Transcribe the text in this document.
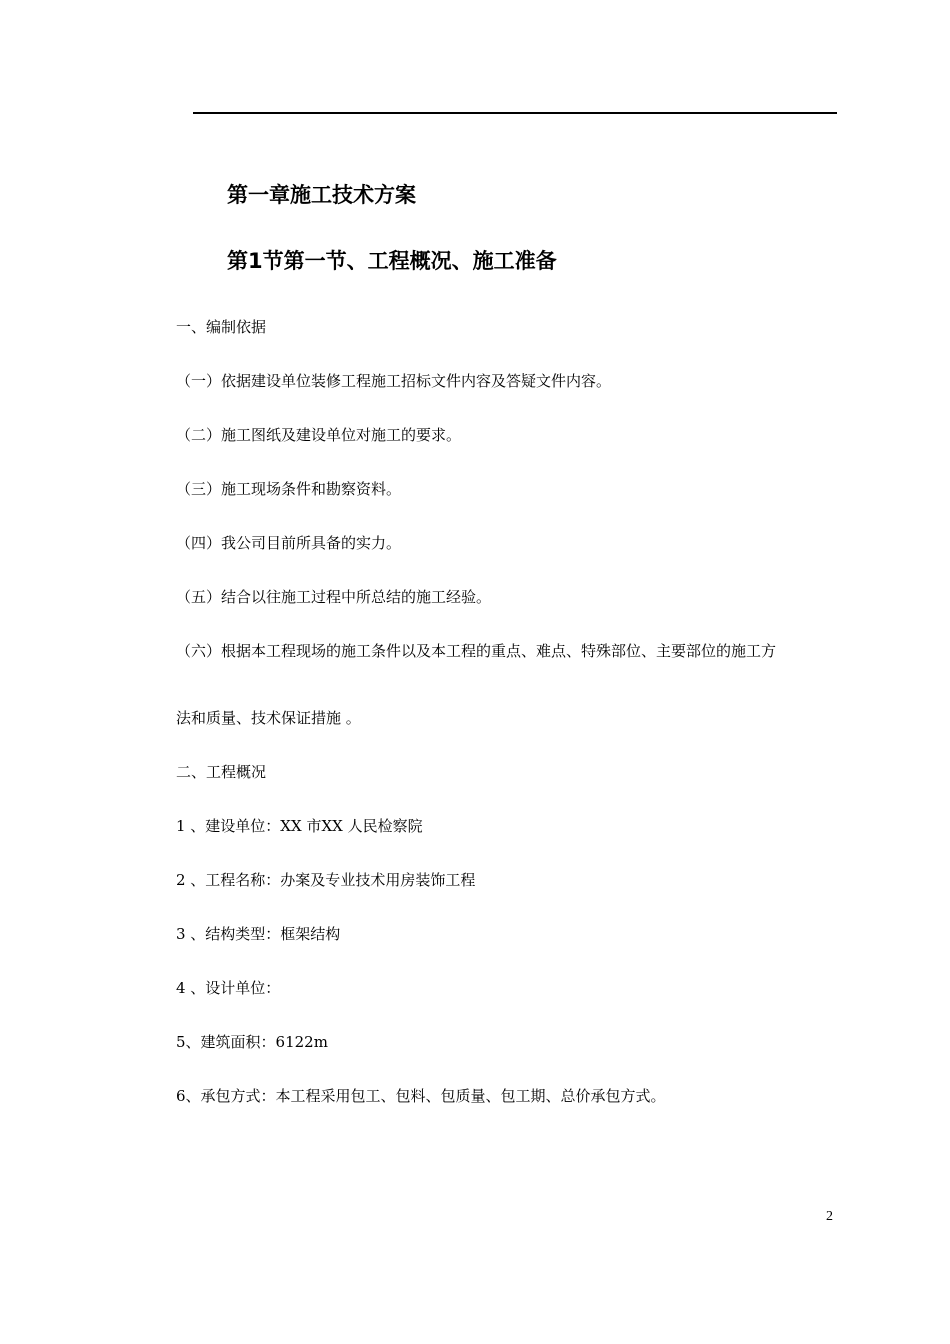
第一章施工技术方案
第1节第一节、工程概况、施工准备
一、编制依据
（一）依据建设单位装修工程施工招标文件内容及答疑文件内容。
（二）施工图纸及建设单位对施工的要求。
（三）施工现场条件和勘察资料。
（四）我公司目前所具备的实力。
（五）结合以往施工过程中所总结的施工经验。
（六）根据本工程现场的施工条件以及本工程的重点、难点、特殊部位、主要部位的施工方
法和质量、技术保证措施 。
二、工程概况
1 、建设单位：XX 市XX 人民检察院
2 、工程名称：办案及专业技术用房装饰工程
3 、结构类型：框架结构
4 、设计单位：
5、建筑面积：6122m
6、承包方式：本工程采用包工、包料、包质量、包工期、总价承包方式。
2
